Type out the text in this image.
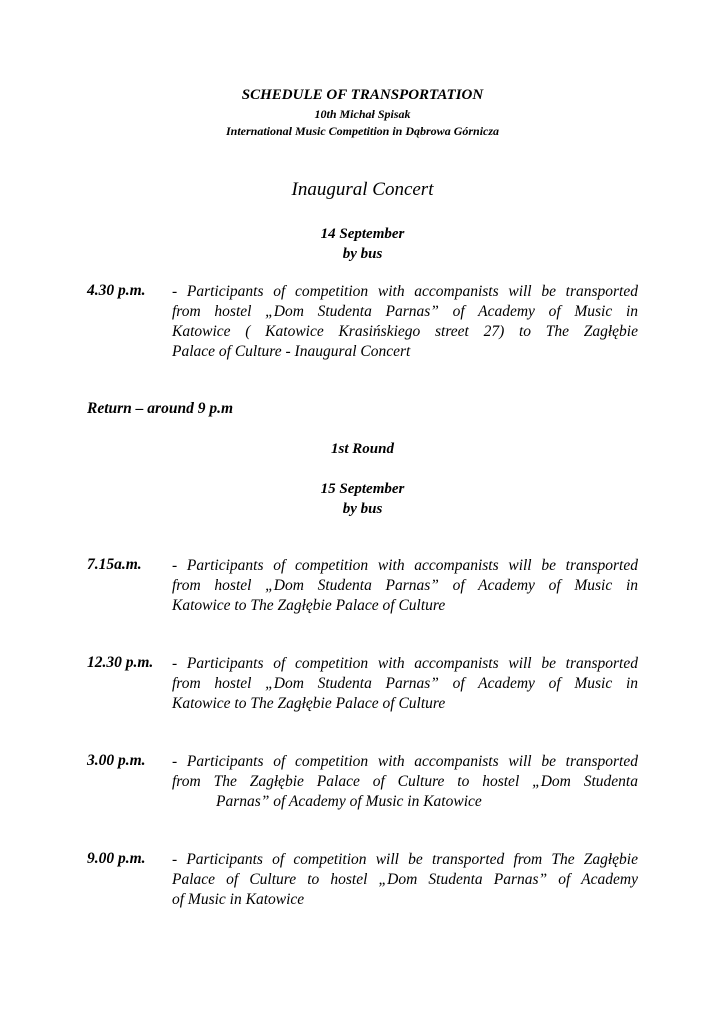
SCHEDULE OF TRANSPORTATION
10th Michał Spisak
International Music Competition in Dąbrowa Górnicza
Inaugural Concert
14 September
by bus
4.30 p.m. - Participants of competition with accompanists will be transported
from hostel „Dom Studenta Parnas” of Academy of Music in
Katowice ( Katowice Krasińskiego street 27) to The Zagłębie
Palace of Culture - Inaugural Concert
Return – around 9 p.m
1st Round
15 September
by bus
7.15a.m. - Participants of competition with accompanists will be transported
from hostel „Dom Studenta Parnas” of Academy of Music in
Katowice to The Zagłębie Palace of Culture
12.30 p.m. - Participants of competition with accompanists will be transported
from hostel „Dom Studenta Parnas” of Academy of Music in
Katowice to The Zagłębie Palace of Culture
3.00 p.m. - Participants of competition with accompanists will be transported
from The Zagłębie Palace of Culture to hostel „Dom Studenta
Parnas” of Academy of Music in Katowice
9.00 p.m. - Participants of competition will be transported from The Zagłębie
Palace of Culture to hostel „Dom Studenta Parnas” of Academy
of Music in Katowice
